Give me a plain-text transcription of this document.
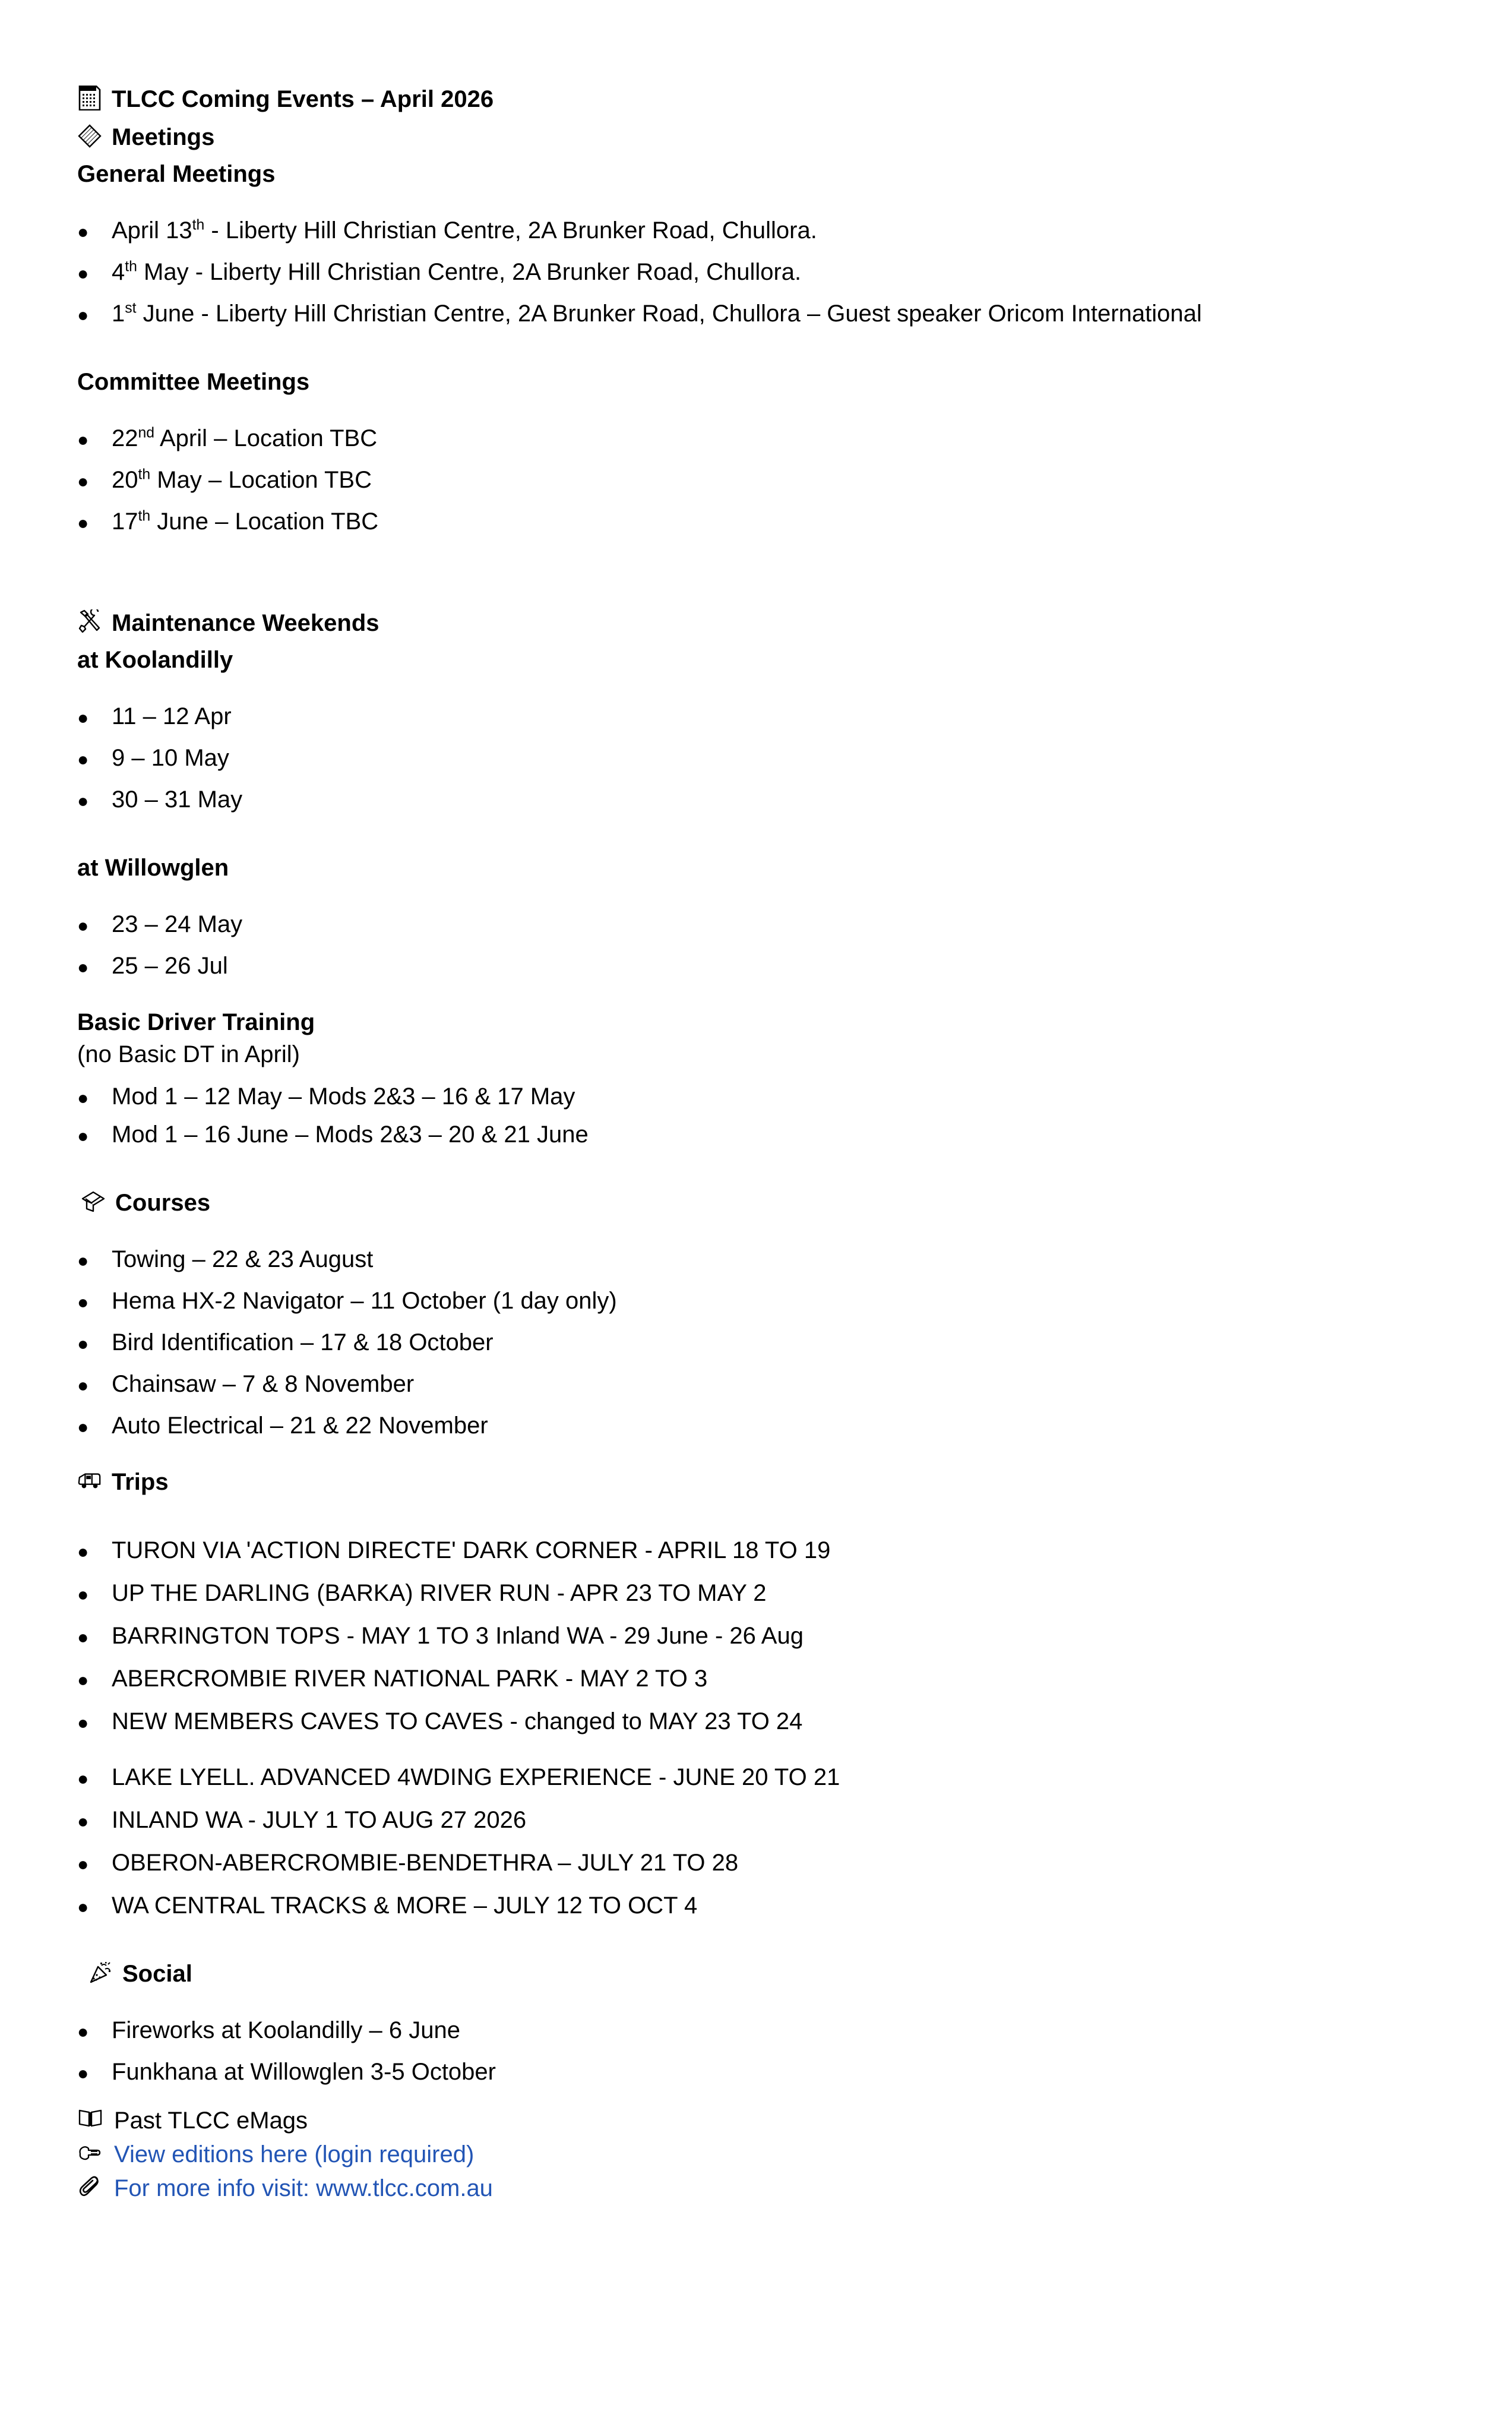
TLCC Coming Events – April 2026
Meetings
General Meetings
● April 13th - Liberty Hill Christian Centre, 2A Brunker Road, Chullora.
● 4th May - Liberty Hill Christian Centre, 2A Brunker Road, Chullora.
● 1st June - Liberty Hill Christian Centre, 2A Brunker Road, Chullora – Guest speaker Oricom International
Committee Meetings
● 22nd April – Location TBC
● 20th May – Location TBC
● 17th June – Location TBC
Maintenance Weekends
at Koolandilly
● 11 – 12 Apr
● 9 – 10 May
● 30 – 31 May
at Willowglen
● 23 – 24 May
● 25 – 26 Jul
Basic Driver Training
(no Basic DT in April)
● Mod 1 – 12 May – Mods 2&3 – 16 & 17 May
● Mod 1 – 16 June – Mods 2&3 – 20 & 21 June
Courses
● Towing – 22 & 23 August
● Hema HX-2 Navigator – 11 October (1 day only)
● Bird Identification – 17 & 18 October
● Chainsaw – 7 & 8 November
● Auto Electrical – 21 & 22 November
Trips
● TURON VIA 'ACTION DIRECTE' DARK CORNER - APRIL 18 TO 19
● UP THE DARLING (BARKA) RIVER RUN - APR 23 TO MAY 2
● BARRINGTON TOPS - MAY 1 TO 3 Inland WA - 29 June - 26 Aug
● ABERCROMBIE RIVER NATIONAL PARK - MAY 2 TO 3
● NEW MEMBERS CAVES TO CAVES - changed to MAY 23 TO 24
● LAKE LYELL. ADVANCED 4WDING EXPERIENCE - JUNE 20 TO 21
● INLAND WA - JULY 1 TO AUG 27 2026
● OBERON-ABERCROMBIE-BENDETHRA – JULY 21 TO 28
● WA CENTRAL TRACKS & MORE – JULY 12 TO OCT 4
Social
● Fireworks at Koolandilly – 6 June
● Funkhana at Willowglen 3-5 October
Past TLCC eMags
View editions here (login required)
For more info visit: www.tlcc.com.au
